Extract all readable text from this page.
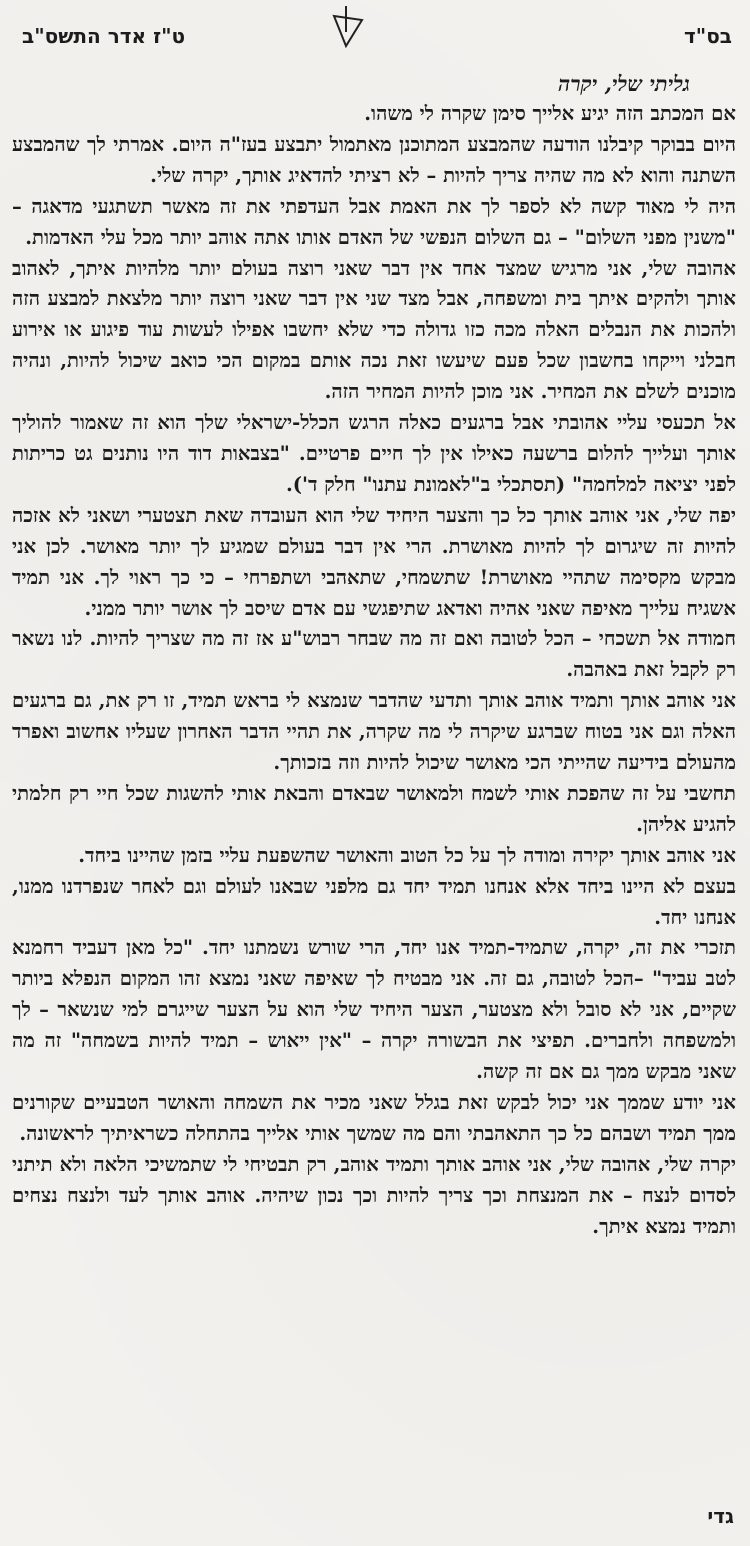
ט"ז אדר התשס"ב	בס"ד

גליתי שלי, יקרה

אם המכתב הזה יגיע אלייך סימן שקרה לי משהו.

היום בבוקר קיבלנו הודעה שהמבצע המתוכנן מאתמול יתבצע בעז"ה היום. אמרתי לך שהמבצע השתנה והוא לא מה שהיה צריך להיות – לא רציתי להדאיג אותך, יקרה שלי.

היה לי מאוד קשה לא לספר לך את האמת אבל העדפתי את זה מאשר תשתגעי מדאגה – "משנין מפני השלום" – גם השלום הנפשי של האדם אותו אתה אוהב יותר מכל עלי האדמות.

אהובה שלי, אני מרגיש שמצד אחד אין דבר שאני רוצה בעולם יותר מלהיות איתך, לאהוב אותך ולהקים איתך בית ומשפחה, אבל מצד שני אין דבר שאני רוצה יותר מלצאת למבצע הזה ולהכות את הנבלים האלה מכה כזו גדולה כדי שלא יחשבו אפילו לעשות עוד פיגוע או אירוע חבלני וייקחו בחשבון שכל פעם שיעשו זאת נכה אותם במקום הכי כואב שיכול להיות, ונהיה מוכנים לשלם את המחיר. אני מוכן להיות המחיר הזה.

אל תכעסי עליי אהובתי אבל ברגעים כאלה הרגש הכלל-ישראלי שלך הוא זה שאמור להוליך אותך ועלייך להלום ברשעה כאילו אין לך חיים פרטיים. "בצבאות דוד היו נותנים גט כריתות לפני יציאה למלחמה" (תסתכלי ב"לאמונת עתנו" חלק ד').

יפה שלי, אני אוהב אותך כל כך והצער היחיד שלי הוא העובדה שאת תצטערי ושאני לא אזכה להיות זה שיגרום לך להיות מאושרת. הרי אין דבר בעולם שמגיע לך יותר מאושר. לכן אני מבקש מקסימה שתהיי מאושרת! שתשמחי, שתאהבי ושתפרחי – כי כך ראוי לך. אני תמיד אשגיח עלייך מאיפה שאני אהיה ואדאג שתיפגשי עם אדם שיסב לך אושר יותר ממני.

חמודה אל תשכחי – הכל לטובה ואם זה מה שבחר רבוש"ע אז זה מה שצריך להיות. לנו נשאר רק לקבל זאת באהבה.

אני אוהב אותך ותמיד אוהב אותך ותדעי שהדבר שנמצא לי בראש תמיד, זו רק את, גם ברגעים האלה וגם אני בטוח שברגע שיקרה לי מה שקרה, את תהיי הדבר האחרון שעליו אחשוב ואפרד מהעולם בידיעה שהייתי הכי מאושר שיכול להיות וזה בזכותך.

תחשבי על זה שהפכת אותי לשמח ולמאושר שבאדם והבאת אותי להשגות שכל חיי רק חלמתי להגיע אליהן.

אני אוהב אותך יקירה ומודה לך על כל הטוב והאושר שהשפעת עליי בזמן שהיינו ביחד.

בעצם לא היינו ביחד אלא אנחנו תמיד יחד גם מלפני שבאנו לעולם וגם לאחר שנפרדנו ממנו, אנחנו יחד.

תזכרי את זה, יקרה, שתמיד-תמיד אנו יחד, הרי שורש נשמתנו יחד. "כל מאן דעביד רחמנא לטב עביד" –הכל לטובה, גם זה. אני מבטיח לך שאיפה שאני נמצא זהו המקום הנפלא ביותר שקיים, אני לא סובל ולא מצטער, הצער היחיד שלי הוא על הצער שייגרם למי שנשאר – לך ולמשפחה ולחברים. תפיצי את הבשורה יקרה – "אין ייאוש – תמיד להיות בשמחה" זה מה שאני מבקש ממך גם אם זה קשה.

אני יודע שממך אני יכול לבקש זאת בגלל שאני מכיר את השמחה והאושר הטבעיים שקורנים ממך תמיד ושבהם כל כך התאהבתי והם מה שמשך אותי אלייך בהתחלה כשראיתיך לראשונה.

יקרה שלי, אהובה שלי, אני אוהב אותך ותמיד אוהב, רק תבטיחי לי שתמשיכי הלאה ולא תיתני לסדום לנצח – את המנצחת וכך צריך להיות וכך נכון שיהיה. אוהב אותך לעד ולנצח נצחים ותמיד נמצא איתך.

גדי
